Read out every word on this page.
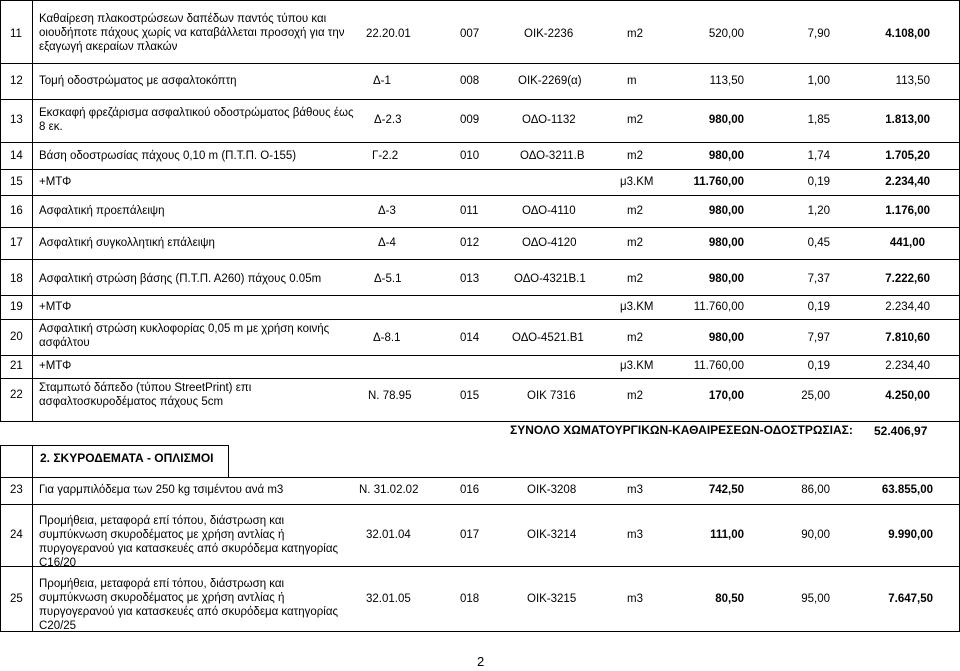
11
Καθαίρεση πλακοστρώσεων δαπέδων παντός τύπου και οιουδήποτε πάχους χωρίς να καταβάλλεται προσοχή για την εξαγωγή ακεραίων πλακών
22.20.01	007	ΟΙΚ-2236	m2	520,00	7,90	4.108,00
12 Τομή οδοστρώματος με ασφαλτοκόπτη	Δ-1	008	ΟΙΚ-2269(α)	m	113,50	1,00	113,50
13
Εκσκαφή φρεζάρισμα ασφαλτικού οδοστρώματος βάθους έως 8 εκ.
Δ-2.3	009	ΟΔΟ-1132	m2	980,00	1,85	1.813,00
14 Βάση οδοστρωσίας πάχους 0,10 m (Π.Τ.Π. Ο-155)	Γ-2.2	010	ΟΔΟ-3211.Β	m2	980,00	1,74	1.705,20
15 +ΜΤΦ	μ3.ΚΜ	11.760,00	0,19	2.234,40
16 Ασφαλτική προεπάλειψη	Δ-3	011	ΟΔΟ-4110	m2	980,00	1,20	1.176,00
17 Ασφαλτική συγκολλητική επάλειψη	Δ-4	012	ΟΔΟ-4120	m2	980,00	0,45	441,00
18 Ασφαλτική στρώση βάσης (Π.Τ.Π. Α260) πάχους 0.05m	Δ-5.1	013	ΟΔΟ-4321Β.1	m2	980,00	7,37	7.222,60
19 +ΜΤΦ	μ3.ΚΜ	11.760,00	0,19	2.234,40
20
Ασφαλτική στρώση κυκλοφορίας 0,05 m με χρήση κοινής ασφάλτου	Δ-8.1	014	ΟΔΟ-4521.Β1	m2	980,00	7,97	7.810,60
21 +ΜΤΦ	μ3.ΚΜ	11.760,00	0,19	2.234,40
22
Σταμπωτό δάπεδο (τύπου StreetPrint) επι ασφαλτοσκυροδέματος πάχους 5cm	Ν. 78.95	015	ΟΙΚ 7316	m2	170,00	25,00	4.250,00
ΣΥΝΟΛΟ ΧΩΜΑΤΟΥΡΓΙΚΩΝ-ΚΑΘΑΙΡΕΣΕΩΝ-ΟΔΟΣΤΡΩΣΙΑΣ: 52.406,97
2. ΣΚΥΡΟΔΕΜΑΤΑ - ΟΠΛΙΣΜΟΙ
23 Για γαρμπιλόδεμα των 250 kg τσιμέντου ανά m3	Ν. 31.02.02	016	ΟΙΚ-3208	m3	742,50	86,00	63.855,00
24
Προμήθεια, μεταφορά επί τόπου, διάστρωση και συμπύκνωση σκυροδέματος με χρήση αντλίας ή πυργογερανού για κατασκευές από σκυρόδεμα κατηγορίας C16/20
32.01.04	017	ΟΙΚ-3214	m3	111,00	90,00	9.990,00
25
Προμήθεια, μεταφορά επί τόπου, διάστρωση και συμπύκνωση σκυροδέματος με χρήση αντλίας ή πυργογερανού για κατασκευές από σκυρόδεμα κατηγορίας C20/25
32.01.05	018	ΟΙΚ-3215	m3	80,50	95,00	7.647,50
2
